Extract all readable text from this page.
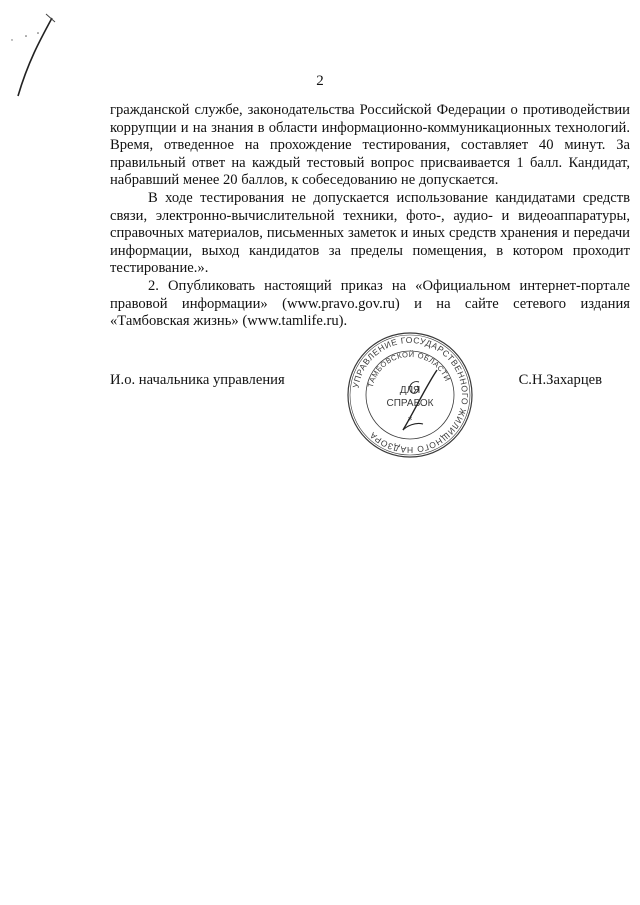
2

гражданской службе, законодательства Российской Федерации о противодействии коррупции и на знания в области информационно-коммуникационных технологий. Время, отведенное на прохождение тестирования, составляет 40 минут. За правильный ответ на каждый тестовый вопрос присваивается 1 балл. Кандидат, набравший менее 20 баллов, к собеседованию не допускается.

В ходе тестирования не допускается использование кандидатами средств связи, электронно-вычислительной техники, фото-, аудио- и видеоаппаратуры, справочных материалов, письменных заметок и иных средств хранения и передачи информации, выход кандидатов за пределы помещения, в котором проходит тестирование.».

2. Опубликовать настоящий приказ на «Официальном интернет-портале правовой информации» (www.pravo.gov.ru) и на сайте сетевого издания «Тамбовская жизнь» (www.tamlife.ru).

И.о. начальника управления	С.Н.Захарцев
УПРАВЛЕНИЕ ГОСУДАРСТВЕННОГО ЖИЛИЩНОГО НАДЗОРА
ТАМБОВСКОЙ ОБЛАСТИ
ДЛЯ
СПРАВОК
*
